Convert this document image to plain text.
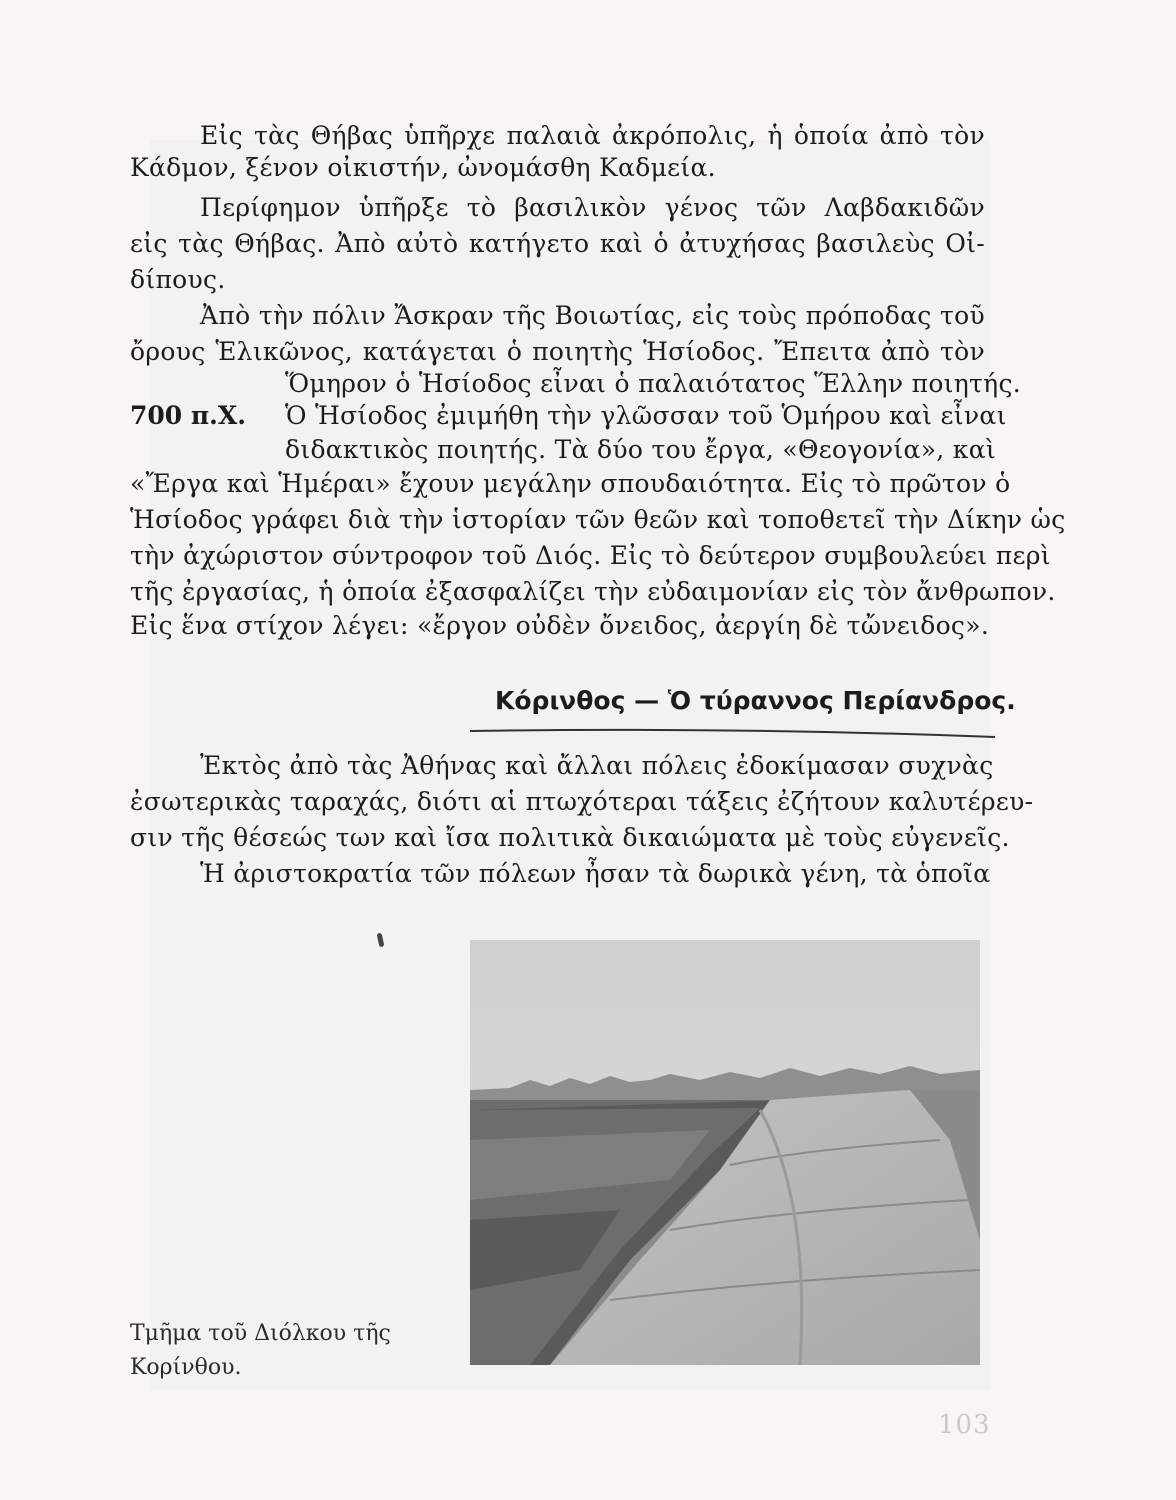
Εἰς τὰς Θήβας ὑπῆρχε παλαιὰ ἀκρόπολις, ἡ ὁποία ἀπὸ τὸν
Κάδμον, ξένον οἰκιστήν, ὠνομάσθη Καδμεία.
Περίφημον ὑπῆρξε τὸ βασιλικὸν γένος τῶν Λαβδακιδῶν
εἰς τὰς Θήβας. Ἀπὸ αὐτὸ κατήγετο καὶ ὁ ἀτυχήσας βασιλεὺς Οἰ-
δίπους.
Ἀπὸ τὴν πόλιν Ἄσκραν τῆς Βοιωτίας, εἰς τοὺς πρόποδας τοῦ
ὄρους Ἑλικῶνος, κατάγεται ὁ ποιητὴς Ἡσίοδος. Ἔπειτα ἀπὸ τὸν
Ὅμηρον ὁ Ἡσίοδος εἶναι ὁ παλαιότατος Ἕλλην ποιητής.
700 π.Χ. Ὁ Ἡσίοδος ἐμιμήθη τὴν γλῶσσαν τοῦ Ὁμήρου καὶ εἶναι
διδακτικὸς ποιητής. Τὰ δύο του ἔργα, «Θεογονία», καὶ
«Ἔργα καὶ Ἡμέραι» ἔχουν μεγάλην σπουδαιότητα. Εἰς τὸ πρῶτον ὁ
Ἡσίοδος γράφει διὰ τὴν ἱστορίαν τῶν θεῶν καὶ τοποθετεῖ τὴν Δίκην ὡς
τὴν ἀχώριστον σύντροφον τοῦ Διός. Εἰς τὸ δεύτερον συμβουλεύει περὶ
τῆς ἐργασίας, ἡ ὁποία ἐξασφαλίζει τὴν εὐδαιμονίαν εἰς τὸν ἄνθρωπον.
Εἰς ἕνα στίχον λέγει: «ἔργον οὐδὲν ὄνειδος, ἀεργίη δὲ τὤνειδος».
Κόρινθος — Ὁ τύραννος Περίανδρος.
Ἐκτὸς ἀπὸ τὰς Ἀθήνας καὶ ἄλλαι πόλεις ἐδοκίμασαν συχνὰς
ἐσωτερικὰς ταραχάς, διότι αἱ πτωχότεραι τάξεις ἐζήτουν καλυτέρευ-
σιν τῆς θέσεώς των καὶ ἴσα πολιτικὰ δικαιώματα μὲ τοὺς εὐγενεῖς.
Ἡ ἀριστοκρατία τῶν πόλεων ἦσαν τὰ δωρικὰ γένη, τὰ ὁποῖα
Τμῆμα τοῦ Διόλκου τῆς
Κορίνθου.
103
